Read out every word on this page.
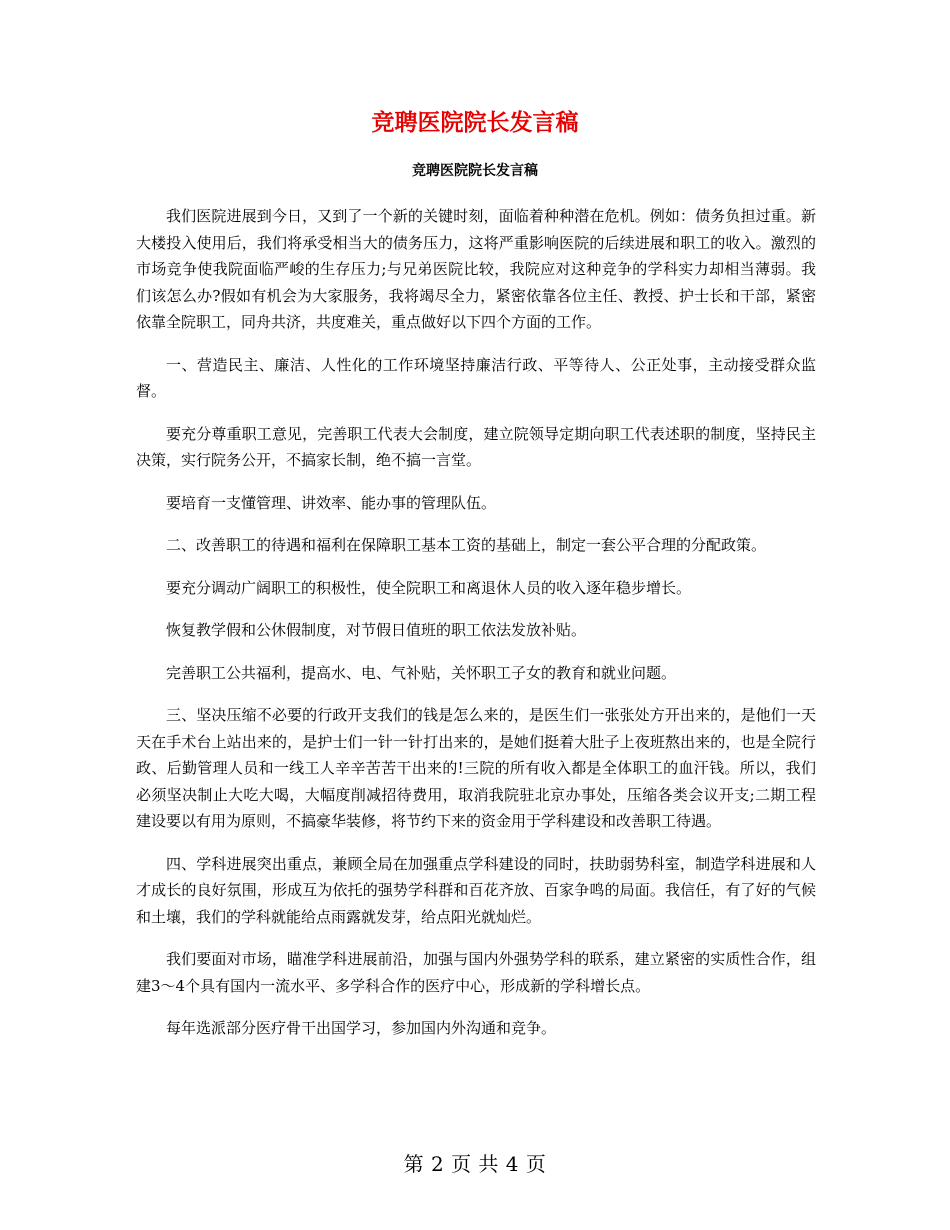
竞聘医院院长发言稿
竞聘医院院长发言稿

我们医院进展到今日，又到了一个新的关键时刻，面临着种种潜在危机。例如：债务负担过重。新大楼投入使用后，我们将承受相当大的债务压力，这将严重影响医院的后续进展和职工的收入。激烈的市场竞争使我院面临严峻的生存压力;与兄弟医院比较，我院应对这种竞争的学科实力却相当薄弱。我们该怎么办?假如有机会为大家服务，我将竭尽全力，紧密依靠各位主任、教授、护士长和干部，紧密依靠全院职工，同舟共济，共度难关，重点做好以下四个方面的工作。

一、营造民主、廉洁、人性化的工作环境坚持廉洁行政、平等待人、公正处事，主动接受群众监督。

要充分尊重职工意见，完善职工代表大会制度，建立院领导定期向职工代表述职的制度，坚持民主决策，实行院务公开，不搞家长制，绝不搞一言堂。

要培育一支懂管理、讲效率、能办事的管理队伍。

二、改善职工的待遇和福利在保障职工基本工资的基础上，制定一套公平合理的分配政策。

要充分调动广阔职工的积极性，使全院职工和离退休人员的收入逐年稳步增长。

恢复教学假和公休假制度，对节假日值班的职工依法发放补贴。

完善职工公共福利，提高水、电、气补贴，关怀职工子女的教育和就业问题。

三、坚决压缩不必要的行政开支我们的钱是怎么来的，是医生们一张张处方开出来的，是他们一天天在手术台上站出来的，是护士们一针一针打出来的，是她们挺着大肚子上夜班熬出来的，也是全院行政、后勤管理人员和一线工人辛辛苦苦干出来的!三院的所有收入都是全体职工的血汗钱。所以，我们必须坚决制止大吃大喝，大幅度削减招待费用，取消我院驻北京办事处，压缩各类会议开支;二期工程建设要以有用为原则，不搞豪华装修，将节约下来的资金用于学科建设和改善职工待遇。

四、学科进展突出重点，兼顾全局在加强重点学科建设的同时，扶助弱势科室，制造学科进展和人才成长的良好氛围，形成互为依托的强势学科群和百花齐放、百家争鸣的局面。我信任，有了好的气候和土壤，我们的学科就能给点雨露就发芽，给点阳光就灿烂。

我们要面对市场，瞄准学科进展前沿，加强与国内外强势学科的联系，建立紧密的实质性合作，组建3～4个具有国内一流水平、多学科合作的医疗中心，形成新的学科增长点。

每年选派部分医疗骨干出国学习，参加国内外沟通和竞争。

第 2 页 共 4 页
